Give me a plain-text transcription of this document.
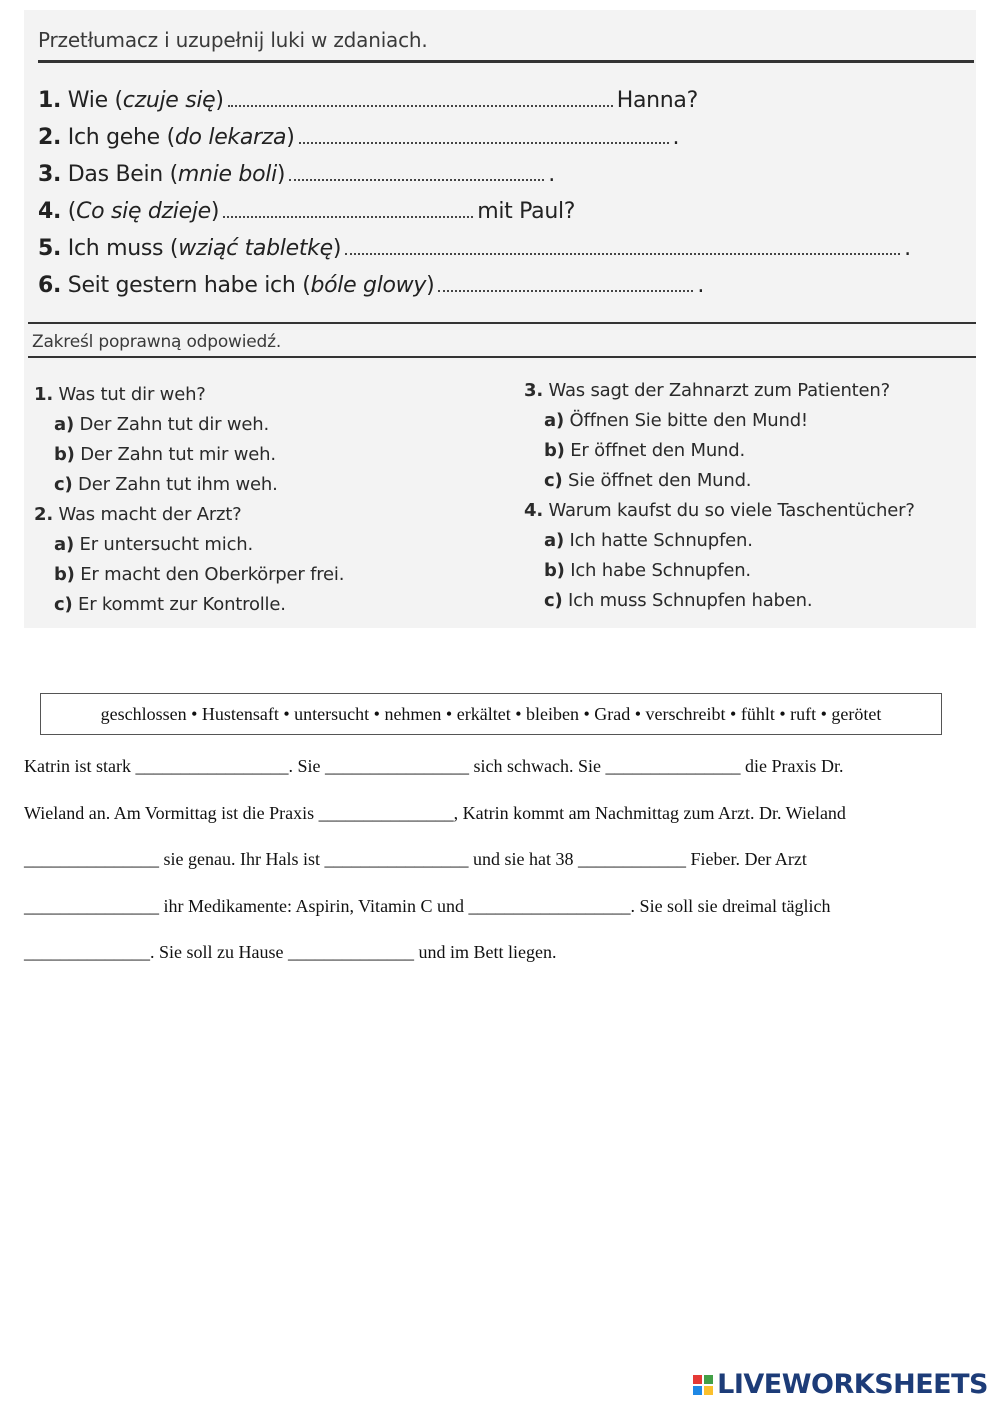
Przetłumacz i uzupełnij luki w zdaniach.
1. Wie (czuje się)	Hanna?
2. Ich gehe (do lekarza)	.
3. Das Bein (mnie boli)	.
4. (Co się dzieje)	mit Paul?
5. Ich muss (wziąć tabletkę)	.
6. Seit gestern habe ich (bóle glowy)	.
Zakreśl poprawną odpowiedź.
1. Was tut dir weh?
a) Der Zahn tut dir weh.
b) Der Zahn tut mir weh.
c) Der Zahn tut ihm weh.
2. Was macht der Arzt?
a) Er untersucht mich.
b) Er macht den Oberkörper frei.
c) Er kommt zur Kontrolle.
3. Was sagt der Zahnarzt zum Patienten?
a) Öffnen Sie bitte den Mund!
b) Er öffnet den Mund.
c) Sie öffnet den Mund.
4. Warum kaufst du so viele Taschentücher?
a) Ich hatte Schnupfen.
b) Ich habe Schnupfen.
c) Ich muss Schnupfen haben.
geschlossen • Hustensaft • untersucht • nehmen • erkältet • bleiben • Grad • verschreibt • fühlt • ruft • gerötet
Katrin ist stark _________________. Sie ________________ sich schwach. Sie _______________ die Praxis Dr.
Wieland an. Am Vormittag ist die Praxis _______________, Katrin kommt am Nachmittag zum Arzt. Dr. Wieland
_______________ sie genau. Ihr Hals ist ________________ und sie hat 38 ____________ Fieber. Der Arzt
_______________ ihr Medikamente: Aspirin, Vitamin C und __________________. Sie soll sie dreimal täglich
______________. Sie soll zu Hause ______________ und im Bett liegen.
LIVEWORKSHEETS
